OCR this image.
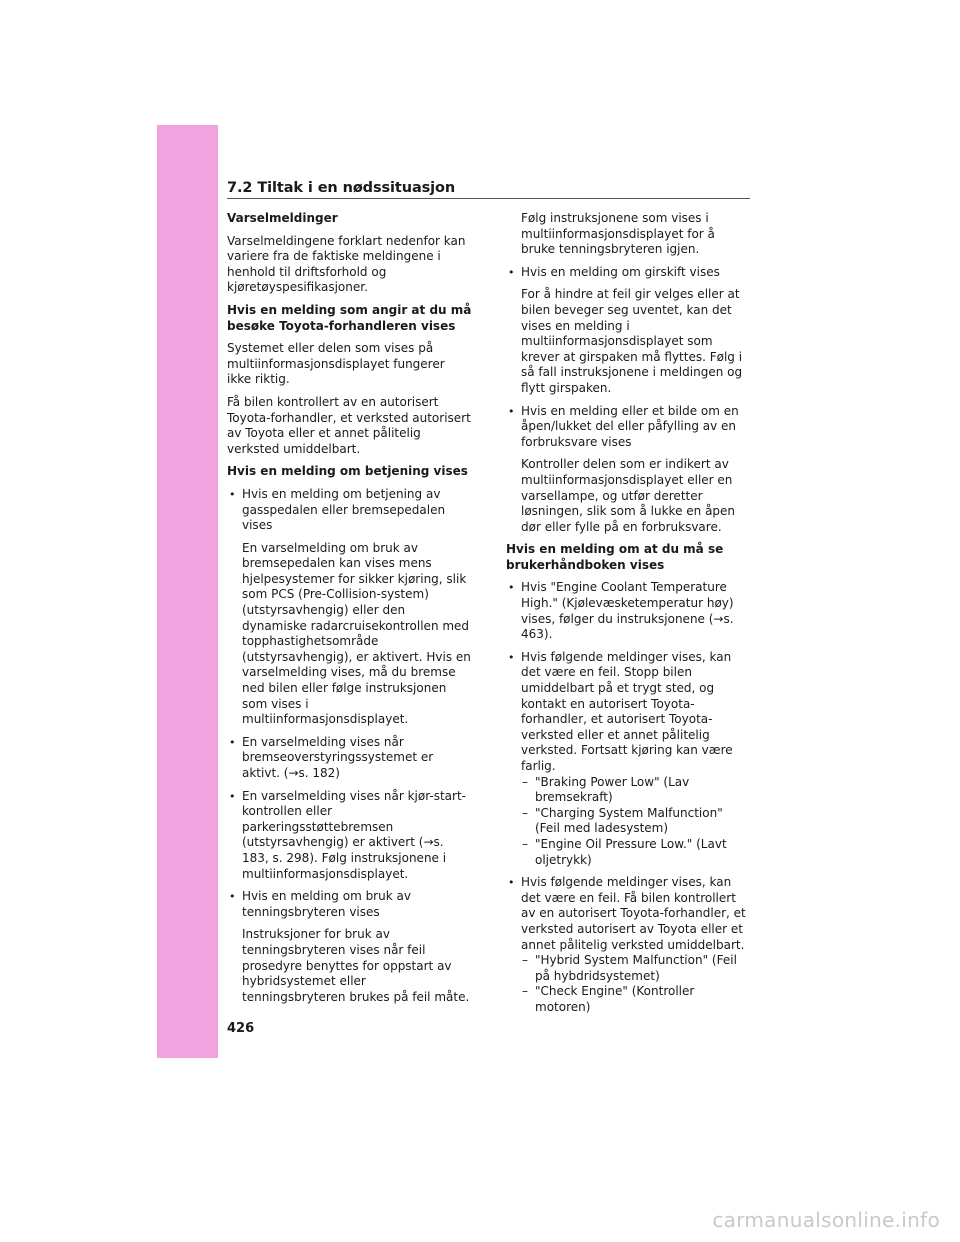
7.2 Tiltak i en nødssituasjon
Varselmeldinger

Varselmeldingene forklart nedenfor kan variere fra de faktiske meldingene i henhold til driftsforhold og kjøretøyspesifikasjoner.

Hvis en melding som angir at du må besøke Toyota-forhandleren vises

Systemet eller delen som vises på multiinformasjonsdisplayet fungerer ikke riktig.

Få bilen kontrollert av en autorisert Toyota-forhandler, et verksted autorisert av Toyota eller et annet pålitelig verksted umiddelbart.

Hvis en melding om betjening vises
• Hvis en melding om betjening av gasspedalen eller bremsepedalen vises
En varselmelding om bruk av bremsepedalen kan vises mens hjelpesystemer for sikker kjøring, slik som PCS (Pre-Collision-system) (utstyrsavhengig) eller den dynamiske radarcruisekontrollen med topphastighetsområde (utstyrsavhengig), er aktivert. Hvis en varselmelding vises, må du bremse ned bilen eller følge instruksjonen som vises i multiinformasjonsdisplayet.
• En varselmelding vises når bremseoverstyringssystemet er aktivt. (→s. 182)
• En varselmelding vises når kjør-start-kontrollen eller parkeringsstøttebremsen (utstyrsavhengig) er aktivert (→s. 183, s. 298). Følg instruksjonene i multiinformasjonsdisplayet.
• Hvis en melding om bruk av tenningsbryteren vises
Instruksjoner for bruk av tenningsbryteren vises når feil prosedyre benyttes for oppstart av hybridsystemet eller tenningsbryteren brukes på feil måte.
Følg instruksjonene som vises i multiinformasjonsdisplayet for å bruke tenningsbryteren igjen.
• Hvis en melding om girskift vises
For å hindre at feil gir velges eller at bilen beveger seg uventet, kan det vises en melding i multiinformasjonsdisplayet som krever at girspaken må flyttes. Følg i så fall instruksjonene i meldingen og flytt girspaken.
• Hvis en melding eller et bilde om en åpen/lukket del eller påfylling av en forbruksvare vises
Kontroller delen som er indikert av multiinformasjonsdisplayet eller en varsellampe, og utfør deretter løsningen, slik som å lukke en åpen dør eller fylle på en forbruksvare.
Hvis en melding om at du må se brukerhåndboken vises
• Hvis "Engine Coolant Temperature High." (Kjølevæsketemperatur høy) vises, følger du instruksjonene (→s. 463).
• Hvis følgende meldinger vises, kan det være en feil. Stopp bilen umiddelbart på et trygt sted, og kontakt en autorisert Toyota-forhandler, et autorisert Toyota-verksted eller et annet pålitelig verksted. Fortsatt kjøring kan være farlig.
– "Braking Power Low" (Lav bremsekraft)
– "Charging System Malfunction" (Feil med ladesystem)
– "Engine Oil Pressure Low." (Lavt oljetrykk)
• Hvis følgende meldinger vises, kan det være en feil. Få bilen kontrollert av en autorisert Toyota-forhandler, et verksted autorisert av Toyota eller et annet pålitelig verksted umiddelbart.
– "Hybrid System Malfunction" (Feil på hybdridsystemet)
– "Check Engine" (Kontroller motoren)
426
carmanualsonline.info
